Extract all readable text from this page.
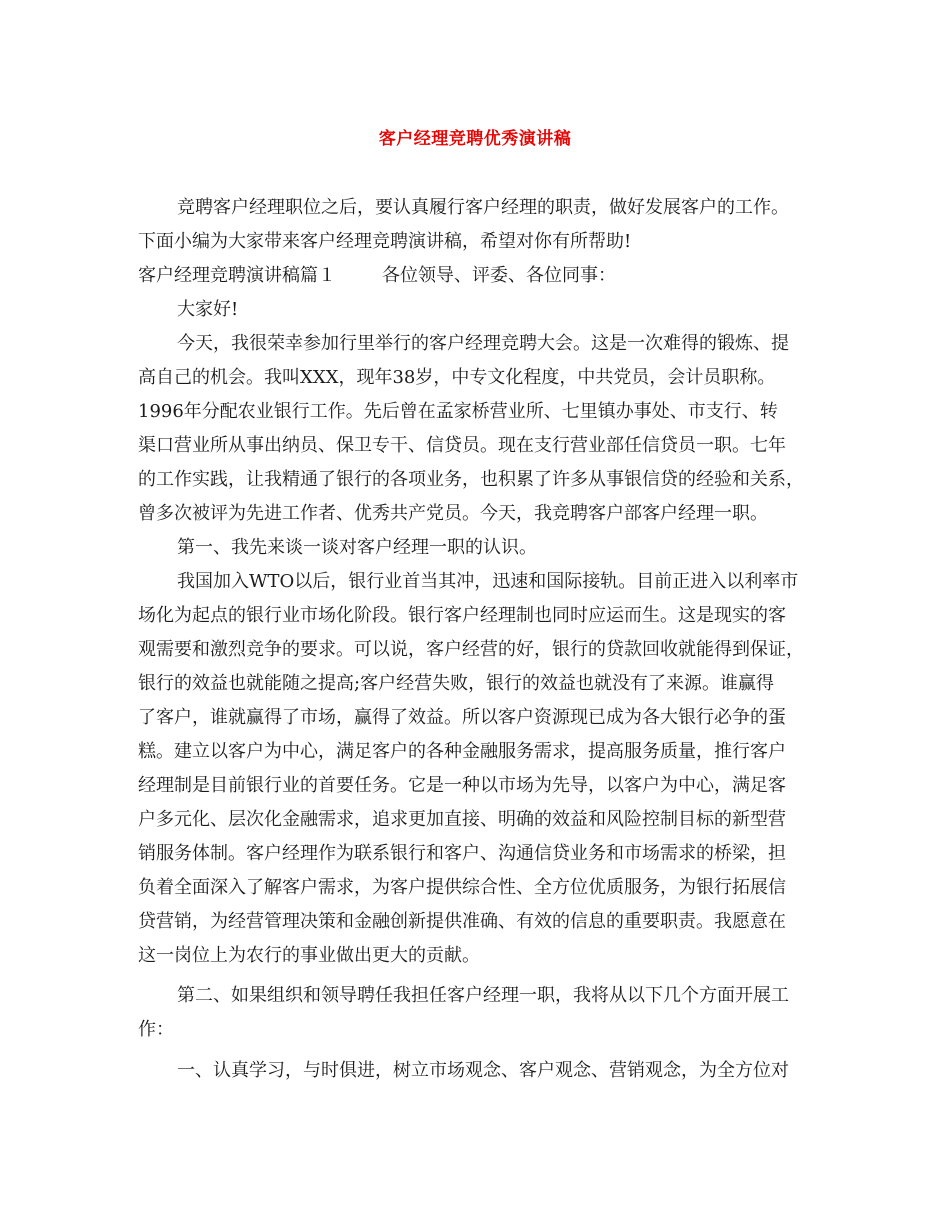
客户经理竞聘优秀演讲稿
竞聘客户经理职位之后，要认真履行客户经理的职责，做好发展客户的工作。
下面小编为大家带来客户经理竞聘演讲稿，希望对你有所帮助!
客户经理竞聘演讲稿篇１	各位领导、评委、各位同事：
大家好!
今天，我很荣幸参加行里举行的客户经理竞聘大会。这是一次难得的锻炼、提
高自己的机会。我叫XXX，现年38岁，中专文化程度，中共党员，会计员职称。
1996年分配农业银行工作。先后曾在孟家桥营业所、七里镇办事处、市支行、转
渠口营业所从事出纳员、保卫专干、信贷员。现在支行营业部任信贷员一职。七年
的工作实践，让我精通了银行的各项业务，也积累了许多从事银信贷的经验和关系，
曾多次被评为先进工作者、优秀共产党员。今天，我竞聘客户部客户经理一职。
第一、我先来谈一谈对客户经理一职的认识。
我国加入WTO以后，银行业首当其冲，迅速和国际接轨。目前正进入以利率市
场化为起点的银行业市场化阶段。银行客户经理制也同时应运而生。这是现实的客
观需要和激烈竞争的要求。可以说，客户经营的好，银行的贷款回收就能得到保证，
银行的效益也就能随之提高;客户经营失败，银行的效益也就没有了来源。谁赢得
了客户，谁就赢得了市场，赢得了效益。所以客户资源现已成为各大银行必争的蛋
糕。建立以客户为中心，满足客户的各种金融服务需求，提高服务质量，推行客户
经理制是目前银行业的首要任务。它是一种以市场为先导，以客户为中心，满足客
户多元化、层次化金融需求，追求更加直接、明确的效益和风险控制目标的新型营
销服务体制。客户经理作为联系银行和客户、沟通信贷业务和市场需求的桥梁，担
负着全面深入了解客户需求，为客户提供综合性、全方位优质服务，为银行拓展信
贷营销，为经营管理决策和金融创新提供准确、有效的信息的重要职责。我愿意在
这一岗位上为农行的事业做出更大的贡献。
第二、如果组织和领导聘任我担任客户经理一职，我将从以下几个方面开展工
作：
一、认真学习，与时俱进，树立市场观念、客户观念、营销观念，为全方位对
